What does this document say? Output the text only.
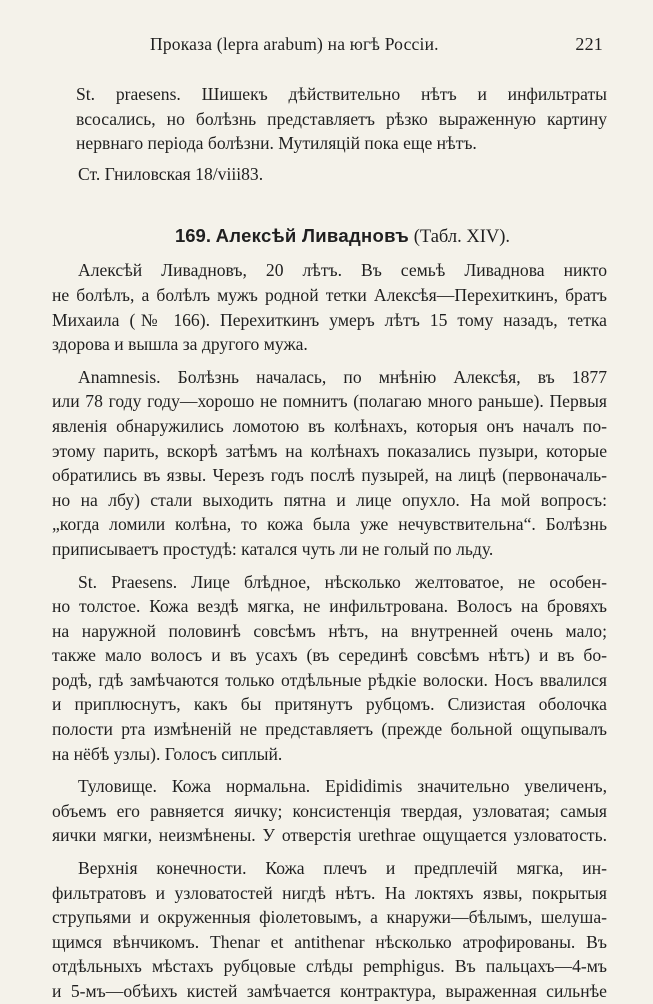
Проказа (lepra arabum) на югѣ Россіи.	221
St. praesens. Шишекъ дѣйствительно нѣтъ и инфильтраты
всосались, но болѣзнь представляетъ рѣзко выраженную картину
нервнаго періода болѣзни. Мутиляцій пока еще нѣтъ.
Ст. Гниловская 18/viii83.
169. Алексѣй Ливадновъ (Табл. XIV).
Алексѣй Ливадновъ, 20 лѣтъ. Въ семьѣ Ливаднова никто
не болѣлъ, а болѣлъ мужъ родной тетки Алексѣя—Перехиткинъ, братъ
Михаила (№ 166). Перехиткинъ умеръ лѣтъ 15 тому назадъ, тетка
здорова и вышла за другого мужа.
Anamnesis. Болѣзнь началась, по мнѣнію Алексѣя, въ 1877
или 78 году году—хорошо не помнитъ (полагаю много раньше). Первыя
явленія обнаружились ломотою въ колѣнахъ, которыя онъ началъ по-
этому парить, вскорѣ затѣмъ на колѣнахъ показались пузыри, которые
обратились въ язвы. Черезъ годъ послѣ пузырей, на лицѣ (первоначаль-
но на лбу) стали выходить пятна и лице опухло. На мой вопросъ:
„когда ломили колѣна, то кожа была уже нечувствительна“. Болѣзнь
приписываетъ простудѣ: катался чуть ли не голый по льду.
St. Praesens. Лице блѣдное, нѣсколько желтоватое, не особен-
но толстое. Кожа вездѣ мягка, не инфильтрована. Волосъ на бровяхъ
на наружной половинѣ совсѣмъ нѣтъ, на внутренней очень мало;
также мало волосъ и въ усахъ (въ серединѣ совсѣмъ нѣтъ) и въ бо-
родѣ, гдѣ замѣчаются только отдѣльные рѣдкіе волоски. Носъ ввалился
и приплюснутъ, какъ бы притянутъ рубцомъ. Слизистая оболочка
полости рта измѣненій не представляетъ (прежде больной ощупывалъ
на нёбѣ узлы). Голосъ сиплый.
Туловище. Кожа нормальна. Epididimis значительно увеличенъ,
объемъ его равняется яичку; консистенція твердая, узловатая; самыя
яички мягки, неизмѣнены. У отверстія urethrae ощущается узловатость.
Верхнія конечности. Кожа плечъ и предплечій мягка, ин-
фильтратовъ и узловатостей нигдѣ нѣтъ. На локтяхъ язвы, покрытыя
струпьями и окруженныя фіолетовымъ, а кнаружи—бѣлымъ, шелуша-
щимся вѣнчикомъ. Thenar et antithenar нѣсколько атрофированы. Въ
отдѣльныхъ мѣстахъ рубцовые слѣды pemphigus. Въ пальцахъ—4-мъ
и 5-мъ—обѣихъ кистей замѣчается контрактура, выраженная сильнѣе
